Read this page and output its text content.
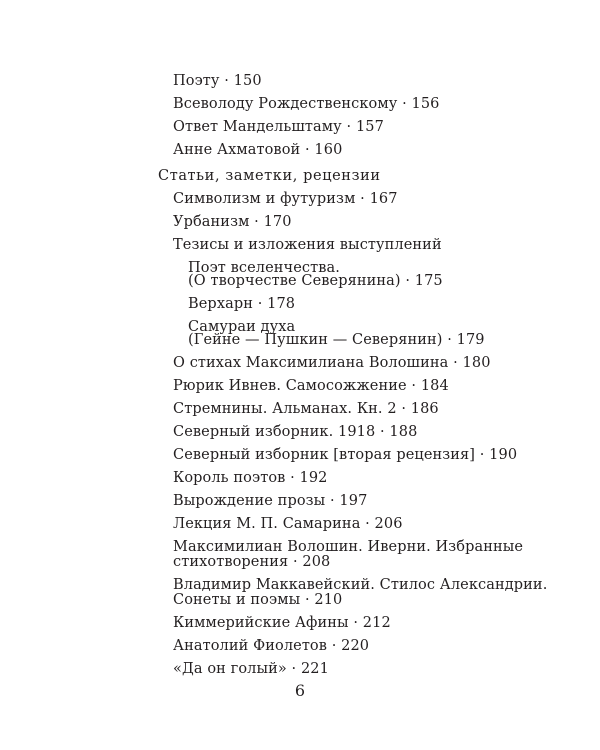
Поэту · 150
Всеволоду Рождественскому · 156
Ответ Мандельштаму · 157
Анне Ахматовой · 160
Статьи, заметки, рецензии
Символизм и футуризм · 167
Урбанизм · 170
Тезисы и изложения выступлений
Поэт вселенчества.
(О творчестве Северянина) · 175
Верхарн · 178
Самураи духа
(Гейне — Пушкин — Северянин) · 179
О стихах Максимилиана Волошина · 180
Рюрик Ивнев. Самосожжение · 184
Стремнины. Альманах. Кн. 2 · 186
Северный изборник. 1918 · 188
Северный изборник [вторая рецензия] · 190
Король поэтов · 192
Вырождение прозы · 197
Лекция М. П. Самарина · 206
Максимилиан Волошин. Иверни. Избранные
стихотворения · 208
Владимир Маккавейский. Стилос Александрии.
Сонеты и поэмы · 210
Киммерийские Афины · 212
Анатолий Фиолетов · 220
«Да он голый» · 221
6
